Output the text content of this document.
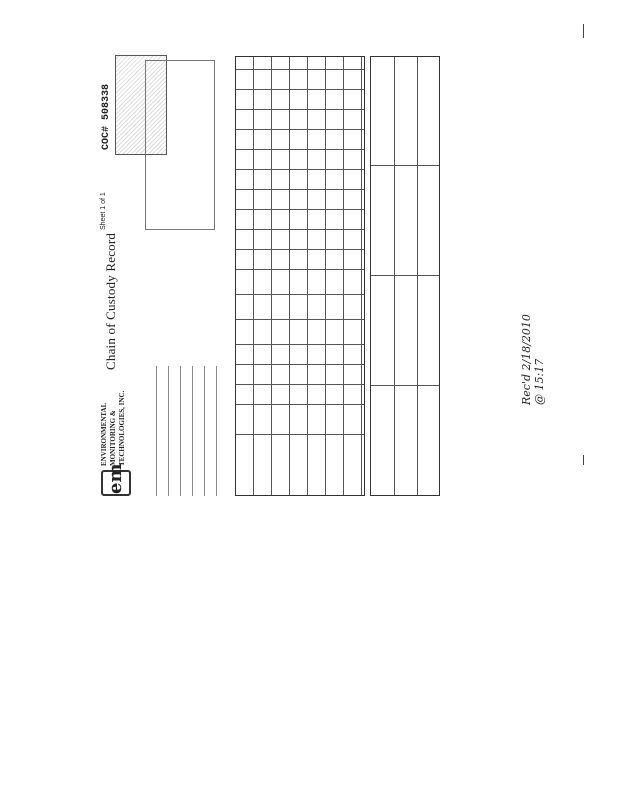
em
ENVIRONMENTAL MONITORING & TECHNOLOGIES, INC.
Chain of Custody Record
Sheet 1 of 1
COC# 508338
Rec'd 2/18/2010 @ 15:17
